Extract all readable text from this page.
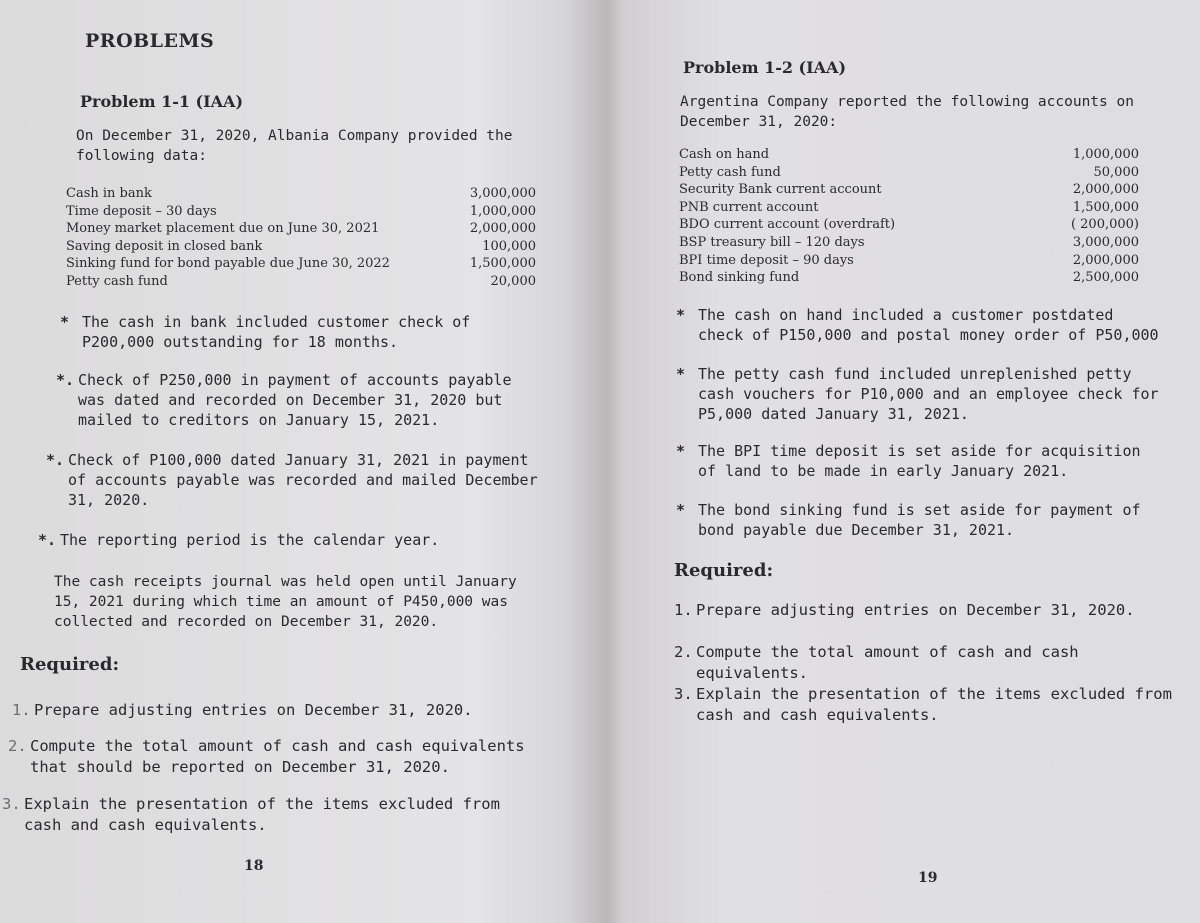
PROBLEMS
Problem 1-1 (IAA)
On December 31, 2020, Albania Company provided the following data:
Cash in bank	3,000,000
Time deposit – 30 days	1,000,000
Money market placement due on June 30, 2021	2,000,000
Saving deposit in closed bank	100,000
Sinking fund for bond payable due June 30, 2022	1,500,000
Petty cash fund	20,000
* The cash in bank included customer check of P200,000 outstanding for 18 months.
*. Check of P250,000 in payment of accounts payable was dated and recorded on December 31, 2020 but mailed to creditors on January 15, 2021.
*. Check of P100,000 dated January 31, 2021 in payment of accounts payable was recorded and mailed December 31, 2020.
*. The reporting period is the calendar year.
The cash receipts journal was held open until January 15, 2021 during which time an amount of P450,000 was collected and recorded on December 31, 2020.
Required:
1. Prepare adjusting entries on December 31, 2020.
2. Compute the total amount of cash and cash equivalents that should be reported on December 31, 2020.
3. Explain the presentation of the items excluded from cash and cash equivalents.
18
Problem 1-2 (IAA)
Argentina Company reported the following accounts on December 31, 2020:
Cash on hand	1,000,000
Petty cash fund	50,000
Security Bank current account	2,000,000
PNB current account	1,500,000
BDO current account (overdraft)	( 200,000)
BSP treasury bill – 120 days	3,000,000
BPI time deposit – 90 days	2,000,000
Bond sinking fund	2,500,000
* The cash on hand included a customer postdated check of P150,000 and postal money order of P50,000
* The petty cash fund included unreplenished petty cash vouchers for P10,000 and an employee check for P5,000 dated January 31, 2021.
* The BPI time deposit is set aside for acquisition of land to be made in early January 2021.
* The bond sinking fund is set aside for payment of bond payable due December 31, 2021.
Required:
1. Prepare adjusting entries on December 31, 2020.
2. Compute the total amount of cash and cash equivalents.
3. Explain the presentation of the items excluded from cash and cash equivalents.
19
